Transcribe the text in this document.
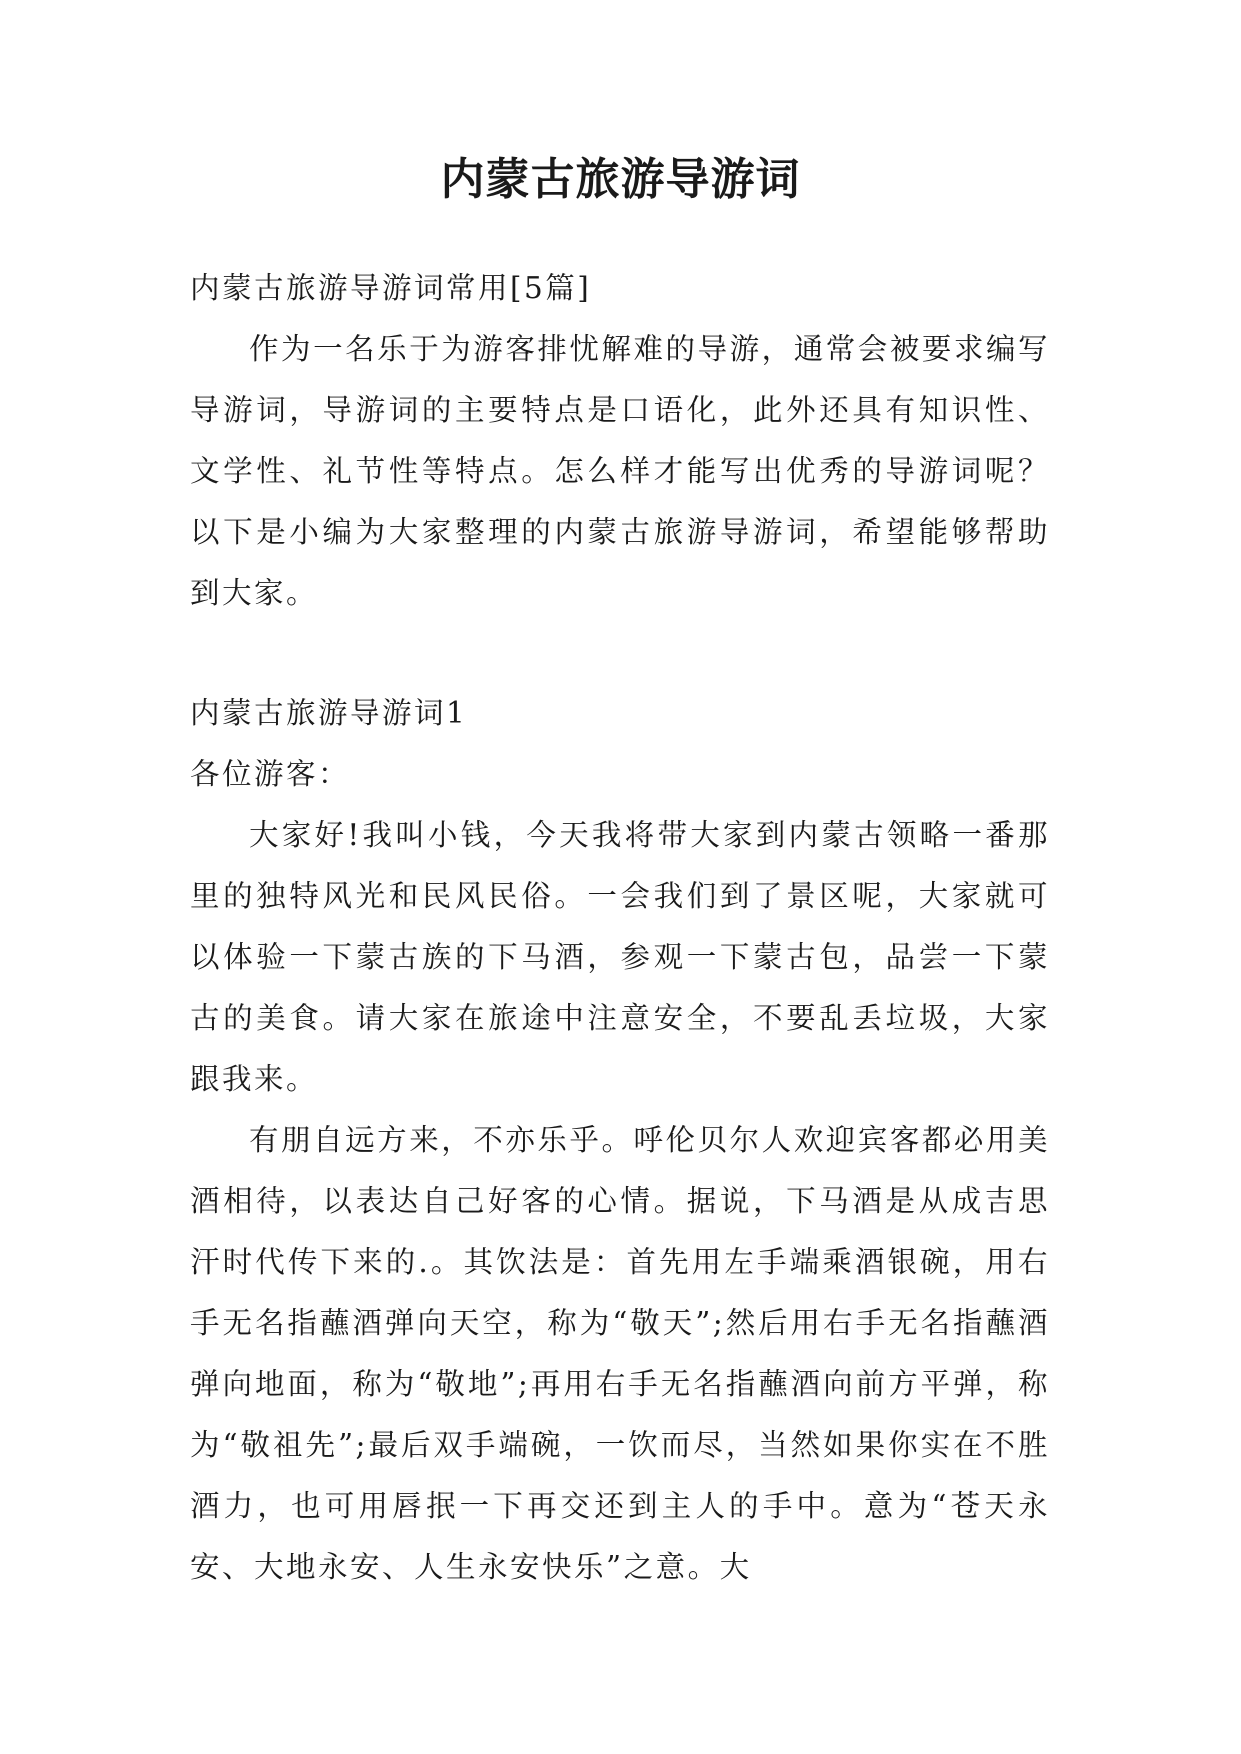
内蒙古旅游导游词

内蒙古旅游导游词常用[5篇]

作为一名乐于为游客排忧解难的导游，通常会被要求编写导游词，导游词的主要特点是口语化，此外还具有知识性、文学性、礼节性等特点。怎么样才能写出优秀的导游词呢？以下是小编为大家整理的内蒙古旅游导游词，希望能够帮助到大家。

内蒙古旅游导游词1

各位游客：

大家好!我叫小钱，今天我将带大家到内蒙古领略一番那里的独特风光和民风民俗。一会我们到了景区呢，大家就可以体验一下蒙古族的下马酒，参观一下蒙古包，品尝一下蒙古的美食。请大家在旅途中注意安全，不要乱丢垃圾，大家跟我来。

有朋自远方来，不亦乐乎。呼伦贝尔人欢迎宾客都必用美酒相待，以表达自己好客的心情。据说，下马酒是从成吉思汗时代传下来的.。其饮法是：首先用左手端乘酒银碗，用右手无名指蘸酒弹向天空，称为“敬天”;然后用右手无名指蘸酒弹向地面，称为“敬地”;再用右手无名指蘸酒向前方平弹，称为“敬祖先”;最后双手端碗，一饮而尽，当然如果你实在不胜酒力，也可用唇抿一下再交还到主人的手中。意为“苍天永安、大地永安、人生永安快乐”之意。大
